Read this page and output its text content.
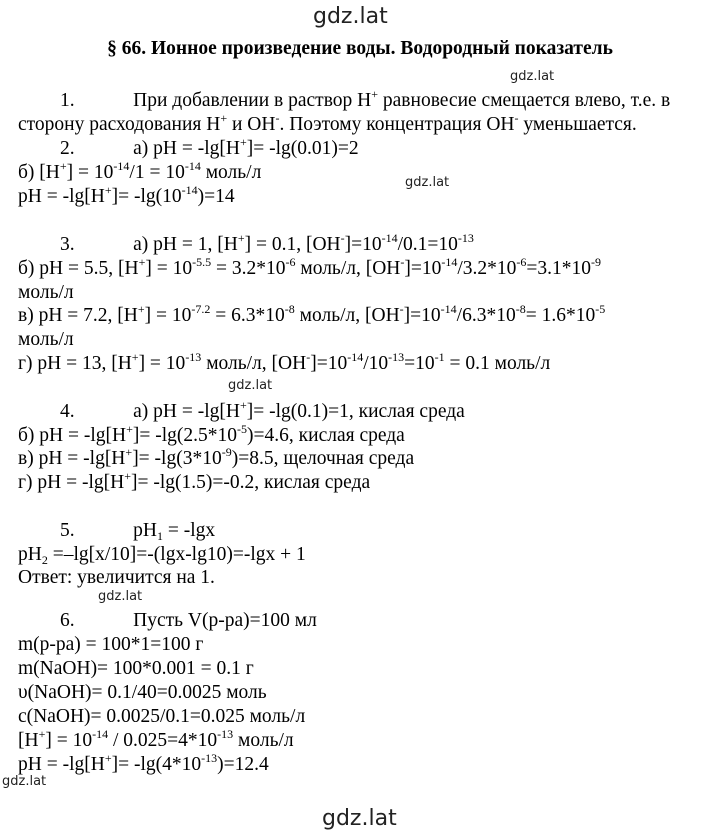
gdz.lat
§ 66. Ионное произведение воды. Водородный показатель
gdz.lat
gdz.lat
gdz.lat
gdz.lat
gdz.lat
gdz.lat
1.            При добавлении в раствор H+ равновесие смещается влево, т.е. в
сторону расходования H+ и OH-. Поэтому концентрация OH- уменьшается.
2.            а) pH = -lg[H+]= -lg(0.01)=2
б) $[H^+] = 10^{-14}/1 = 10^{-14}$ моль/л
pH = $-\lg[H^+]= -\lg(10^{-14})=14$
3.            а) pH = 1, [H+] = 0.1, $[OH^-]=10^{-14}/0.1=10^{-13}$
б) pH = 5.5, $[H^+] = 10^{-5.5} = 3.2*10^{-6}$ моль/л, $[OH^-]=10^{-14}/3.2*10^{-6}=3.1*10^{-9}$
моль/л
в) pH = 7.2, $[H^+] = 10^{-7.2} = 6.3*10^{-8}$ моль/л, $[OH^-]=10^{-14}/6.3*10^{-8}= 1.6*10^{-5}$
моль/л
г) pH = 13, $[H^+] = 10^{-13}$ моль/л, $[OH^-]=10^{-14}/10^{-13}=10^{-1} = 0.1$ моль/л
4.            а) pH = -lg[H+]= -lg(0.1)=1, кислая среда
б) pH = $-\lg[H^+]= -\lg(2.5*10^{-5})=4.6$, кислая среда
в) pH = $-\lg[H^+]= -\lg(3*10^{-9})=8.5$, щелочная среда
г) pH = -lg[H+]= -lg(1.5)=-0.2, кислая среда
5.            $pH_1 = -\lg x$
$pH_2 =-\lg[x/10]=-(\lg x-\lg 10)=-\lg x + 1$
Ответ: увеличится на 1.
6.            Пусть V(р-ра)=100 мл
m(р-ра) = 100*1=100 г
m(NaOH)= 100*0.001 = 0.1 г
υ(NaOH)= 0.1/40=0.0025 моль
c(NaOH)= 0.0025/0.1=0.025 моль/л
$[H^+] = 10^{-14} / 0.025=4*10^{-13}$ моль/л
pH = $-\lg[H^+]= -\lg(4*10^{-13})=12.4$
